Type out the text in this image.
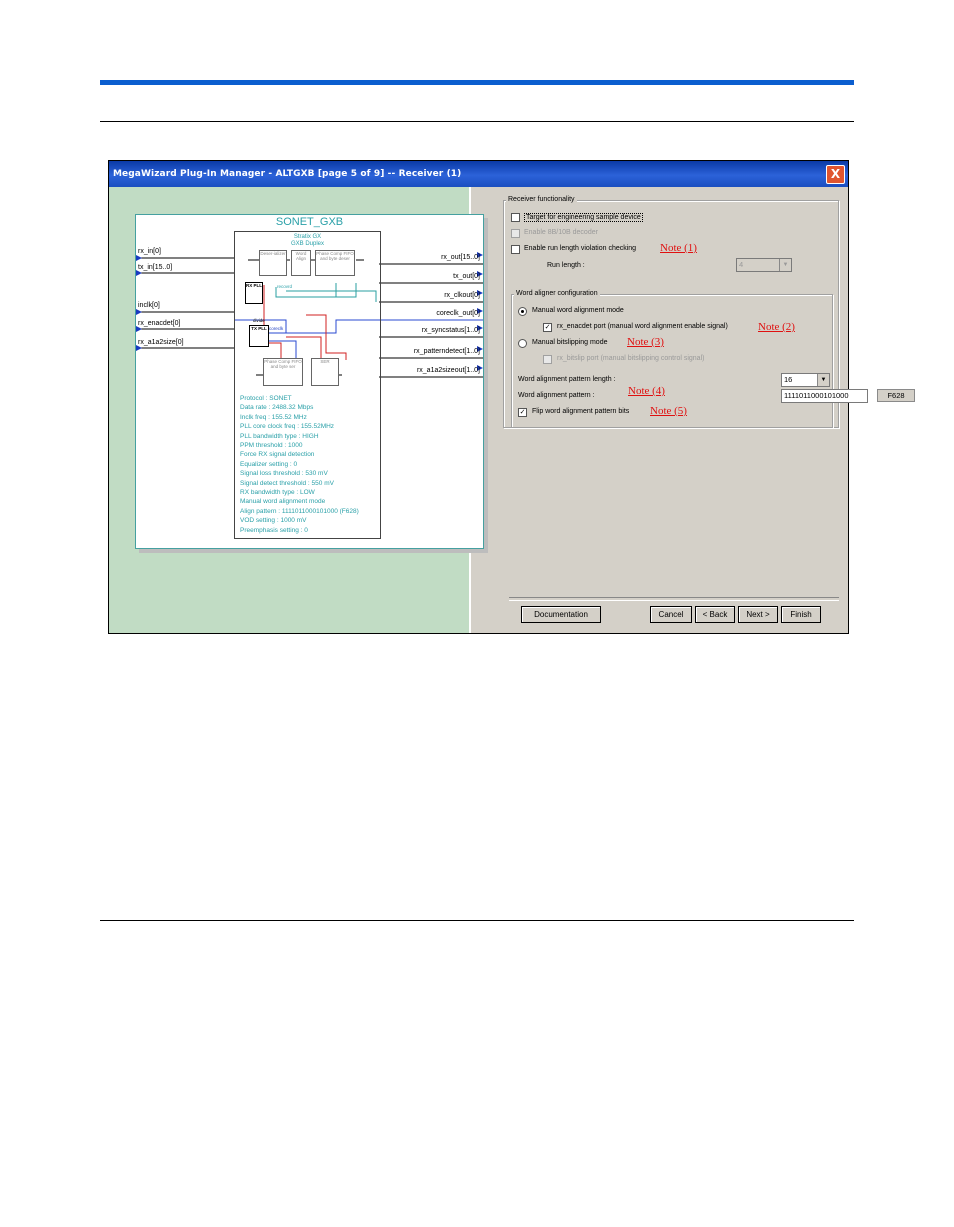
MegaWizard Plug-In Manager - ALTGXB [page 5 of 9] -- Receiver (1)	X
SONET_GXB
Stratix GX
GXB Duplex
Deser-ializer	Word Align
Phase Comp FIFO and byte deser
RX PLL	recovrd
TX PLL
divide
coreclk
Phase Comp FIFO and byte ser
SER
Protocol : SONET
Data rate : 2488.32 Mbps
Inclk freq : 155.52 MHz
PLL core clock freq : 155.52MHz
PLL bandwidth type : HIGH
PPM threshold : 1000
Force RX signal detection
Equalizer setting : 0
Signal loss threshold : 530 mV
Signal detect threshold : 550 mV
RX bandwidth type : LOW
Manual word alignment mode
Align pattern : 1111011000101000 (F628)
VOD setting : 1000 mV
Preemphasis setting : 0
rx_in[0]
tx_in[15..0]
inclk[0]
rx_enacdet[0]
rx_a1a2size[0]
rx_out[15..0]
tx_out[0]
rx_clkout[0]
coreclk_out[0]
rx_syncstatus[1..0]
rx_patterndetect[1..0]
rx_a1a2sizeout[1..0]
Receiver functionality
Target for engineering sample device
Enable 8B/10B decoder
Enable run length violation checking Note (1)
Run length :	4	▼
Word aligner configuration
Manual word alignment mode
✓ rx_enacdet port (manual word alignment enable signal)	Note (2)
Manual bitslipping mode Note (3)
rx_bitslip port (manual bitslipping control signal)
Word alignment pattern length :
Note (4)
16	▼
Word alignment pattern :	1111011000101000	F628
✓ Flip word alignment pattern bits Note (5)
Documentation	Cancel	< Back	Next >	Finish
